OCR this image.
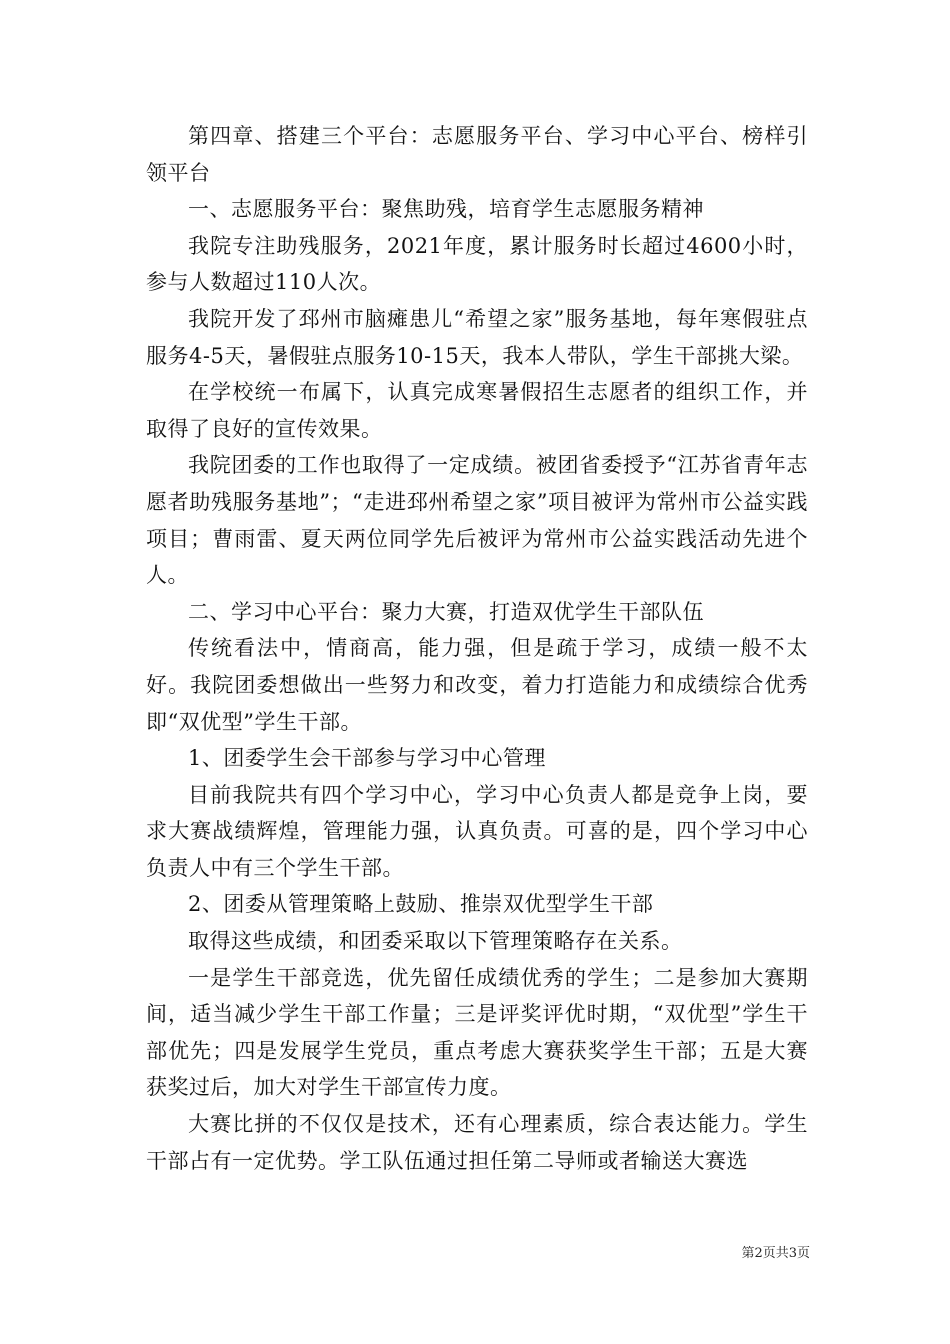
第四章、搭建三个平台：志愿服务平台、学习中心平台、榜样引领平台

一、志愿服务平台：聚焦助残，培育学生志愿服务精神

我院专注助残服务，2021年度，累计服务时长超过4600小时，参与人数超过110人次。

我院开发了邳州市脑瘫患儿“希望之家”服务基地，每年寒假驻点服务4-5天，暑假驻点服务10-15天，我本人带队，学生干部挑大梁。

在学校统一布属下，认真完成寒暑假招生志愿者的组织工作，并取得了良好的宣传效果。

我院团委的工作也取得了一定成绩。被团省委授予“江苏省青年志愿者助残服务基地”；“走进邳州希望之家”项目被评为常州市公益实践项目；曹雨雷、夏天两位同学先后被评为常州市公益实践活动先进个人。

二、学习中心平台：聚力大赛，打造双优学生干部队伍

传统看法中，情商高，能力强，但是疏于学习，成绩一般不太好。我院团委想做出一些努力和改变，着力打造能力和成绩综合优秀即“双优型”学生干部。

1、团委学生会干部参与学习中心管理

目前我院共有四个学习中心，学习中心负责人都是竞争上岗，要求大赛战绩辉煌，管理能力强，认真负责。可喜的是，四个学习中心负责人中有三个学生干部。

2、团委从管理策略上鼓励、推崇双优型学生干部

取得这些成绩，和团委采取以下管理策略存在关系。

一是学生干部竞选，优先留任成绩优秀的学生；二是参加大赛期间，适当减少学生干部工作量；三是评奖评优时期，“双优型”学生干部优先；四是发展学生党员，重点考虑大赛获奖学生干部；五是大赛获奖过后，加大对学生干部宣传力度。

大赛比拼的不仅仅是技术，还有心理素质，综合表达能力。学生干部占有一定优势。学工队伍通过担任第二导师或者输送大赛选

第2页共3页
